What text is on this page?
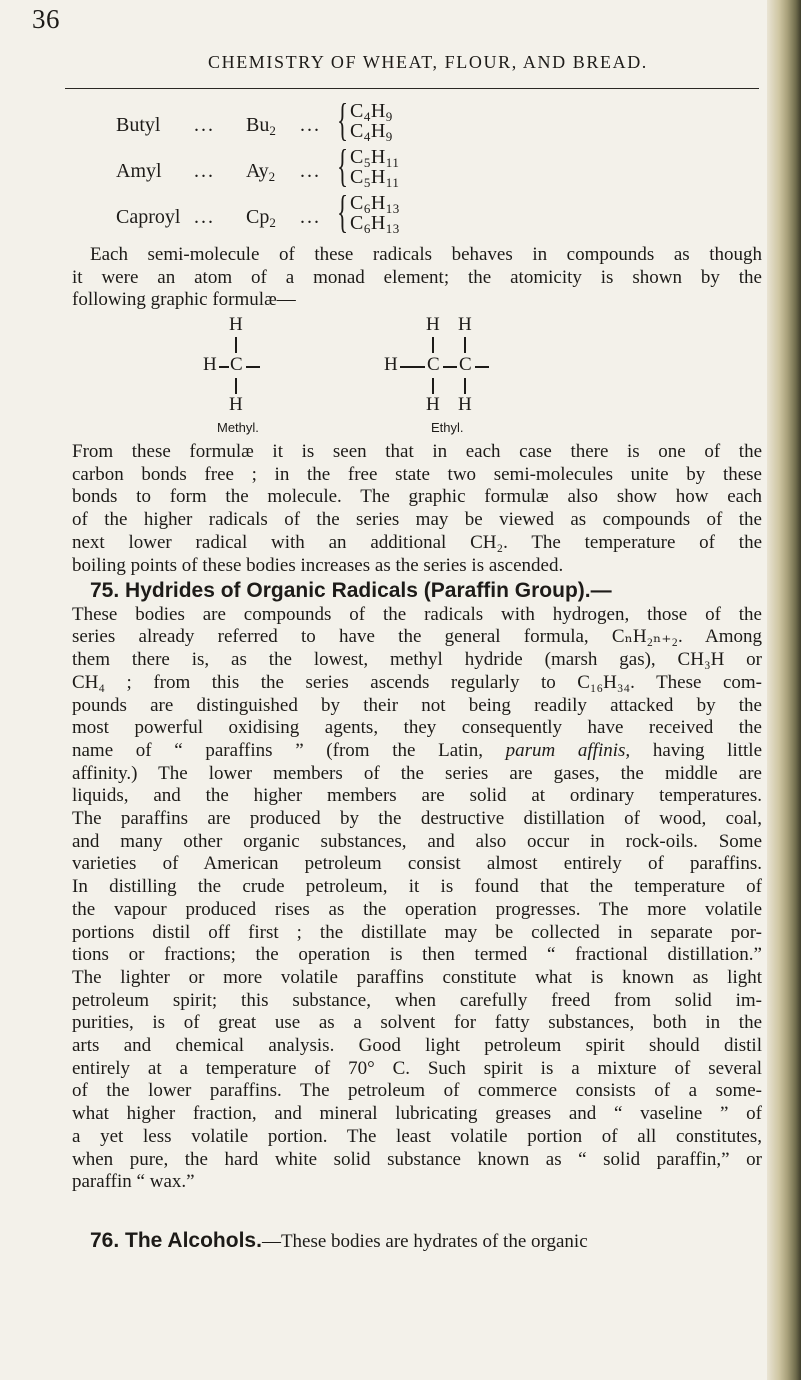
36
CHEMISTRY OF WHEAT, FLOUR, AND BREAD.
Butyl ... $Bu_2$ ... { $C_4H_9$
$C_4H_9$
Amyl ... $Ay_2$ ... { $C_5H_{11}$
$C_5H_{11}$
Caproyl ... $Cp_2$ ... { $C_6H_{13}$
$C_6H_{13}$
Each semi-molecule of these radicals behaves in compounds as though
it were an atom of a monad element; the atomicity is shown by the
following graphic formulæ—
H
H C
H
Methyl.
H H
H C C
H H
Ethyl.
From these formulæ it is seen that in each case there is one of the
carbon bonds free ; in the free state two semi-molecules unite by these
bonds to form the molecule. The graphic formulæ also show how each
of the higher radicals of the series may be viewed as compounds of the
next lower radical with an additional CH₂. The temperature of the
boiling points of these bodies increases as the series is ascended.
75. Hydrides of Organic Radicals (Paraffin Group).—
These bodies are compounds of the radicals with hydrogen, those of the
series already referred to have the general formula, CₙH₂ₙ₊₂. Among
them there is, as the lowest, methyl hydride (marsh gas), CH₃H or
CH₄ ; from this the series ascends regularly to C₁₆H₃₄. These com-
pounds are distinguished by their not being readily attacked by the
most powerful oxidising agents, they consequently have received the
name of “ paraffins ” (from the Latin, parum affinis, having little
affinity.) The lower members of the series are gases, the middle are
liquids, and the higher members are solid at ordinary temperatures.
The paraffins are produced by the destructive distillation of wood, coal,
and many other organic substances, and also occur in rock-oils. Some
varieties of American petroleum consist almost entirely of paraffins.
In distilling the crude petroleum, it is found that the temperature of
the vapour produced rises as the operation progresses. The more volatile
portions distil off first ; the distillate may be collected in separate por-
tions or fractions; the operation is then termed “ fractional distillation.”
The lighter or more volatile paraffins constitute what is known as light
petroleum spirit; this substance, when carefully freed from solid im-
purities, is of great use as a solvent for fatty substances, both in the
arts and chemical analysis. Good light petroleum spirit should distil
entirely at a temperature of 70° C. Such spirit is a mixture of several
of the lower paraffins. The petroleum of commerce consists of a some-
what higher fraction, and mineral lubricating greases and “ vaseline ” of
a yet less volatile portion. The least volatile portion of all constitutes,
when pure, the hard white solid substance known as “ solid paraffin,” or
paraffin “ wax.”
76. The Alcohols.—These bodies are hydrates of the organic
